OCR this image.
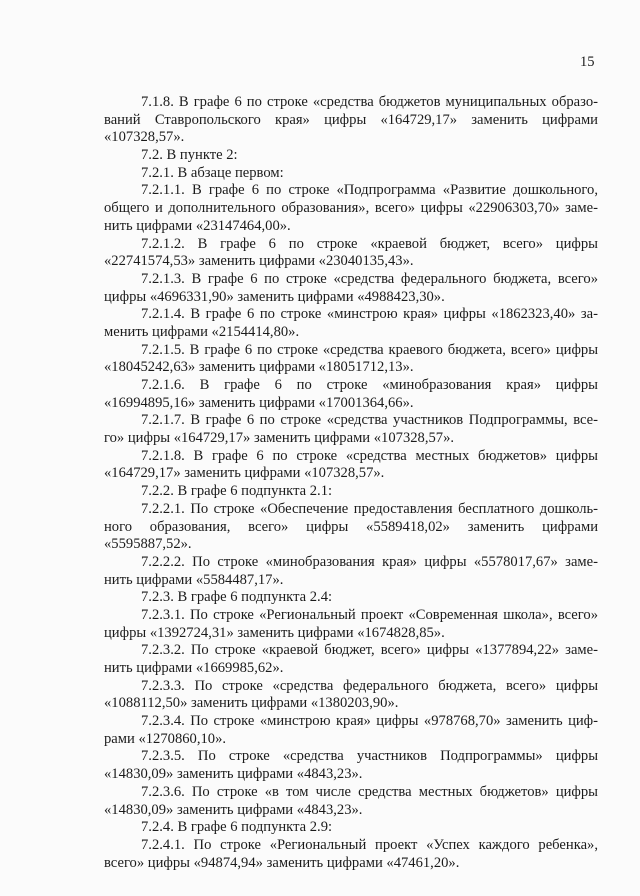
15
7.1.8. В графе 6 по строке «средства бюджетов муниципальных образо-
ваний Ставропольского края» цифры «164729,17» заменить цифрами
«107328,57».
7.2. В пункте 2:
7.2.1. В абзаце первом:
7.2.1.1. В графе 6 по строке «Подпрограмма «Развитие дошкольного,
общего и дополнительного образования», всего» цифры «22906303,70» заме-
нить цифрами «23147464,00».
7.2.1.2. В графе 6 по строке «краевой бюджет, всего» цифры
«22741574,53» заменить цифрами «23040135,43».
7.2.1.3. В графе 6 по строке «средства федерального бюджета, всего»
цифры «4696331,90» заменить цифрами «4988423,30».
7.2.1.4. В графе 6 по строке «минстрою края» цифры «1862323,40» за-
менить цифрами «2154414,80».
7.2.1.5. В графе 6 по строке «средства краевого бюджета, всего» цифры
«18045242,63» заменить цифрами «18051712,13».
7.2.1.6. В графе 6 по строке «минобразования края» цифры
«16994895,16» заменить цифрами «17001364,66».
7.2.1.7. В графе 6 по строке «средства участников Подпрограммы, все-
го» цифры «164729,17» заменить цифрами «107328,57».
7.2.1.8. В графе 6 по строке «средства местных бюджетов» цифры
«164729,17» заменить цифрами «107328,57».
7.2.2. В графе 6 подпункта 2.1:
7.2.2.1. По строке «Обеспечение предоставления бесплатного дошколь-
ного образования, всего» цифры «5589418,02» заменить цифрами
«5595887,52».
7.2.2.2. По строке «минобразования края» цифры «5578017,67» заме-
нить цифрами «5584487,17».
7.2.3. В графе 6 подпункта 2.4:
7.2.3.1. По строке «Региональный проект «Современная школа», всего»
цифры «1392724,31» заменить цифрами «1674828,85».
7.2.3.2. По строке «краевой бюджет, всего» цифры «1377894,22» заме-
нить цифрами «1669985,62».
7.2.3.3. По строке «средства федерального бюджета, всего» цифры
«1088112,50» заменить цифрами «1380203,90».
7.2.3.4. По строке «минстрою края» цифры «978768,70» заменить циф-
рами «1270860,10».
7.2.3.5. По строке «средства участников Подпрограммы» цифры
«14830,09» заменить цифрами «4843,23».
7.2.3.6. По строке «в том числе средства местных бюджетов» цифры
«14830,09» заменить цифрами «4843,23».
7.2.4. В графе 6 подпункта 2.9:
7.2.4.1. По строке «Региональный проект «Успех каждого ребенка»,
всего» цифры «94874,94» заменить цифрами «47461,20».
